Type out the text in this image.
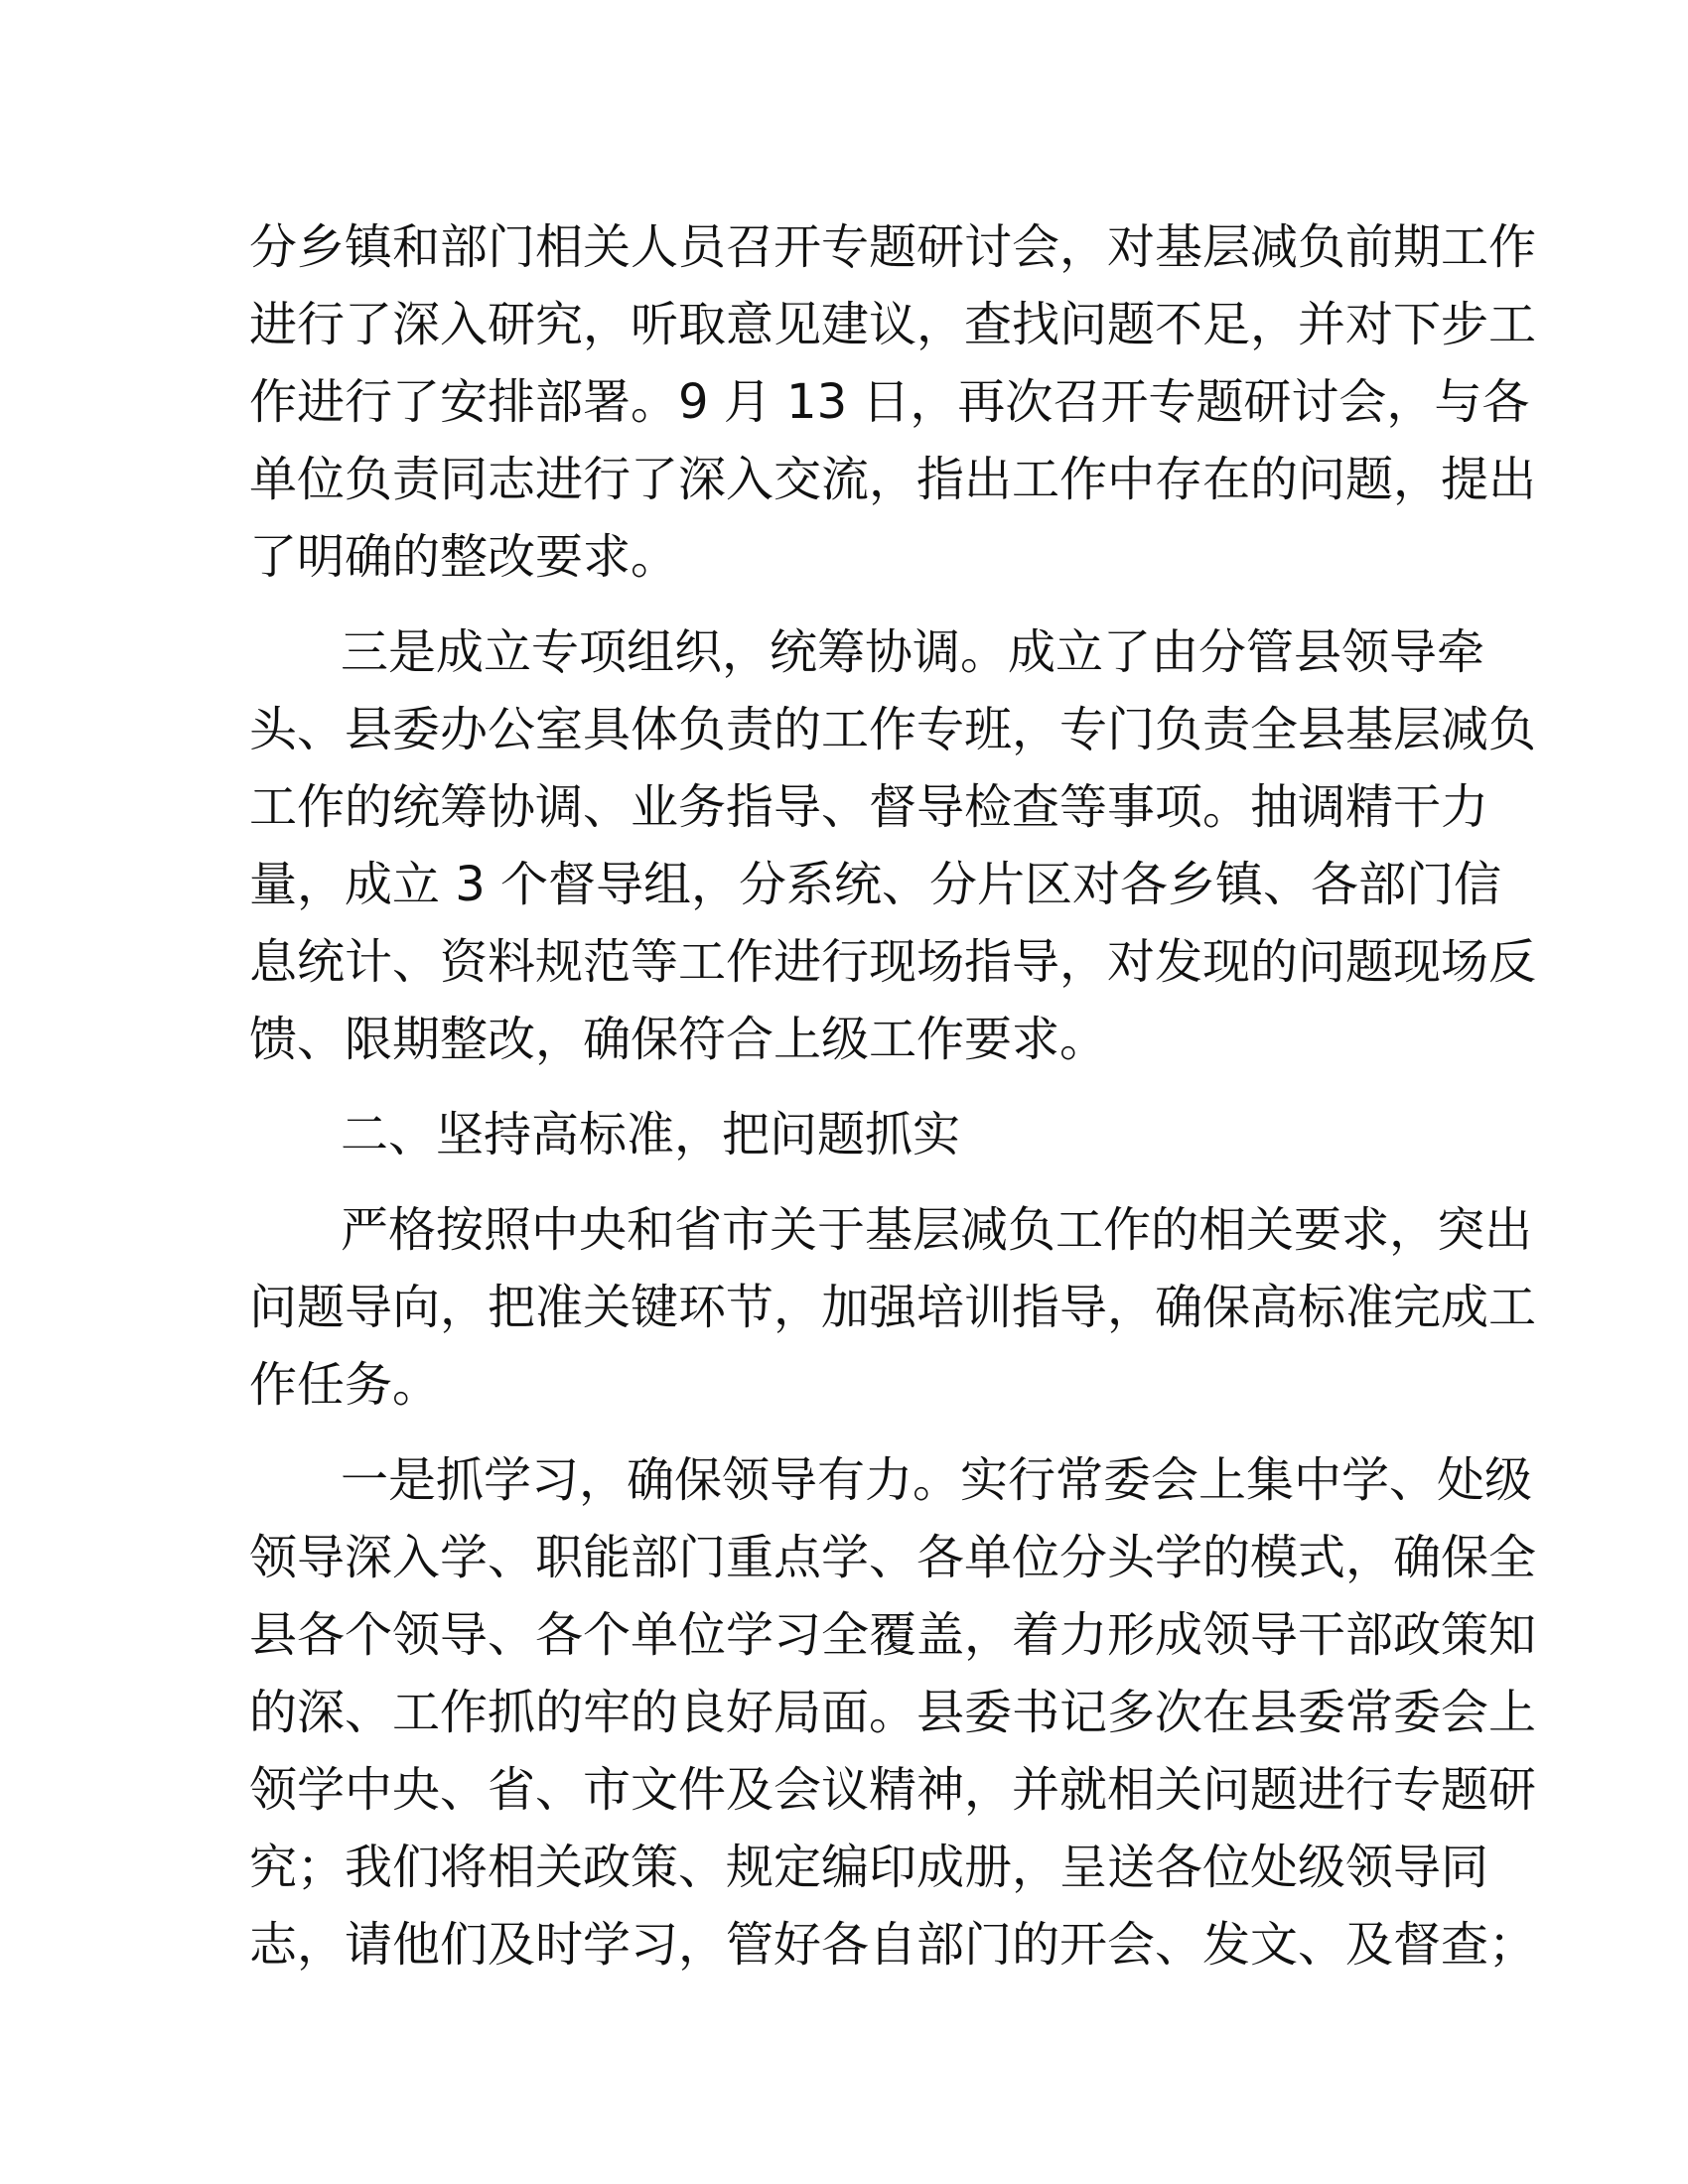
分乡镇和部门相关人员召开专题研讨会，对基层减负前期工作
进行了深入研究，听取意见建议，查找问题不足，并对下步工
作进行了安排部署。9 月 13 日，再次召开专题研讨会，与各
单位负责同志进行了深入交流，指出工作中存在的问题，提出
了明确的整改要求。
三是成立专项组织，统筹协调。成立了由分管县领导牵
头、县委办公室具体负责的工作专班，专门负责全县基层减负
工作的统筹协调、业务指导、督导检查等事项。抽调精干力
量，成立 3 个督导组，分系统、分片区对各乡镇、各部门信
息统计、资料规范等工作进行现场指导，对发现的问题现场反
馈、限期整改，确保符合上级工作要求。
二、坚持高标准，把问题抓实
严格按照中央和省市关于基层减负工作的相关要求，突出
问题导向，把准关键环节，加强培训指导，确保高标准完成工
作任务。
一是抓学习，确保领导有力。实行常委会上集中学、处级
领导深入学、职能部门重点学、各单位分头学的模式，确保全
县各个领导、各个单位学习全覆盖，着力形成领导干部政策知
的深、工作抓的牢的良好局面。县委书记多次在县委常委会上
领学中央、省、市文件及会议精神，并就相关问题进行专题研
究；我们将相关政策、规定编印成册，呈送各位处级领导同
志，请他们及时学习，管好各自部门的开会、发文、及督查；
